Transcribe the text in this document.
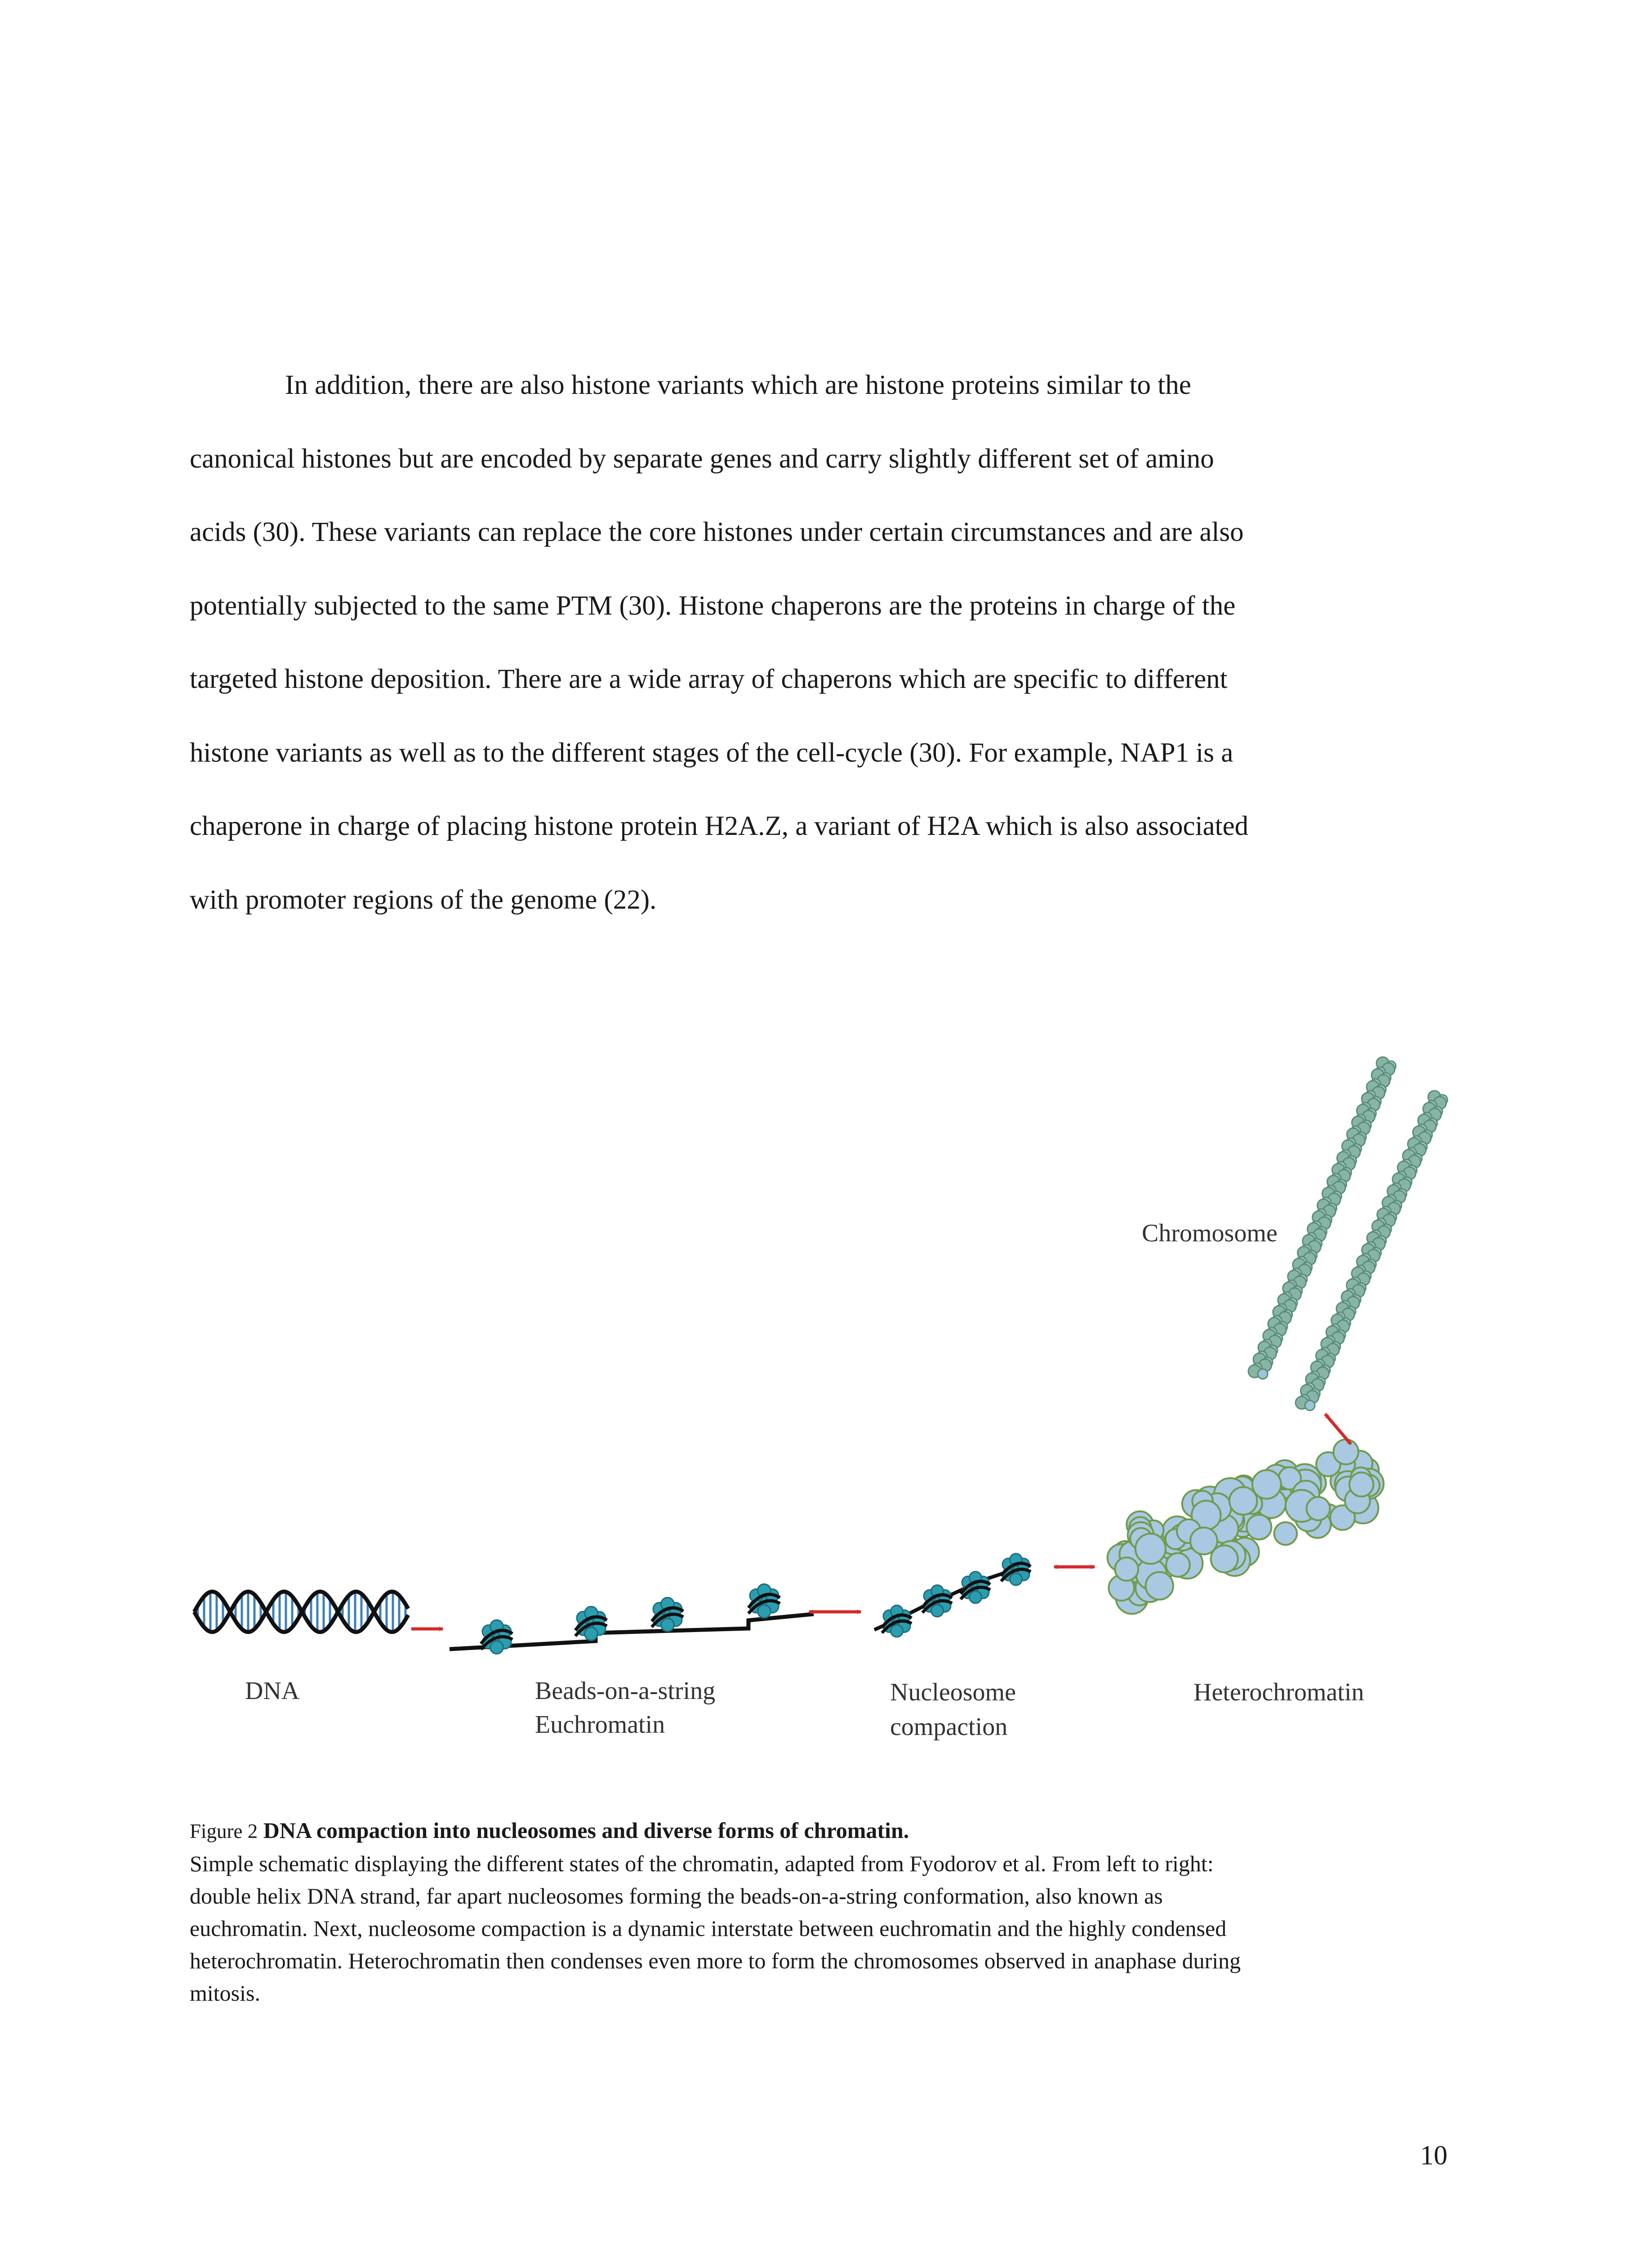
In addition, there are also histone variants which are histone proteins similar to the
canonical histones but are encoded by separate genes and carry slightly different set of amino
acids (30). These variants can replace the core histones under certain circumstances and are also
potentially subjected to the same PTM (30). Histone chaperons are the proteins in charge of the
targeted histone deposition. There are a wide array of chaperons which are specific to different
histone variants as well as to the different stages of the cell-cycle (30). For example, NAP1 is a
chaperone in charge of placing histone protein H2A.Z, a variant of H2A which is also associated
with promoter regions of the genome (22).

DNA	Beads-on-a-string
Euchromatin
Nucleosome
compaction
Heterochromatin
Chromosome
Figure 2 DNA compaction into nucleosomes and diverse forms of chromatin.
Simple schematic displaying the different states of the chromatin, adapted from Fyodorov et al. From left to right:
double helix DNA strand, far apart nucleosomes forming the beads-on-a-string conformation, also known as
euchromatin. Next, nucleosome compaction is a dynamic interstate between euchromatin and the highly condensed
heterochromatin. Heterochromatin then condenses even more to form the chromosomes observed in anaphase during
mitosis.
10
